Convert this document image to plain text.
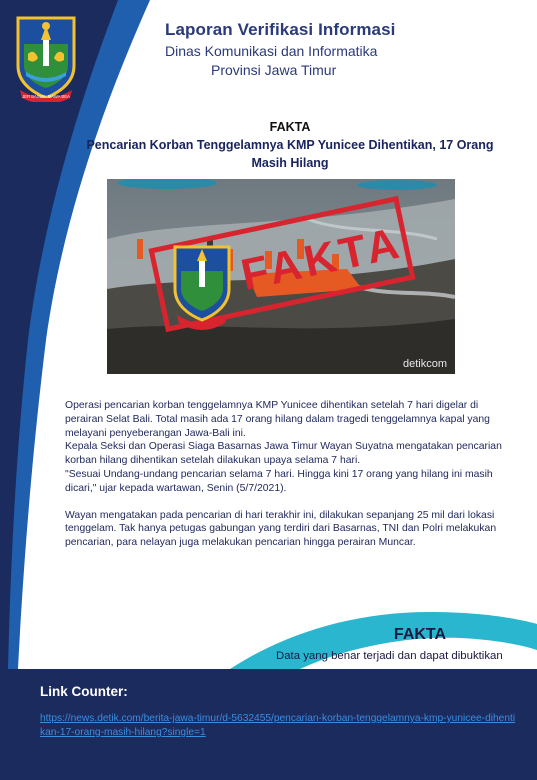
JER BASUKI MAWA BEA
Laporan Verifikasi Informasi
Dinas Komunikasi dan Informatika
Provinsi Jawa Timur
FAKTA
Pencarian Korban Tenggelamnya KMP Yunicee Dihentikan, 17 Orang Masih Hilang
FAKTA
detikcom

Operasi pencarian korban tenggelamnya KMP Yunicee dihentikan setelah 7 hari digelar di perairan Selat Bali. Total masih ada 17 orang hilang dalam tragedi tenggelamnya kapal yang melayani penyeberangan Jawa-Bali ini.

Kepala Seksi dan Operasi Siaga Basarnas Jawa Timur Wayan Suyatna mengatakan pencarian korban hilang dihentikan setelah dilakukan upaya selama 7 hari.

"Sesuai Undang-undang pencarian selama 7 hari. Hingga kini 17 orang yang hilang ini masih dicari," ujar kepada wartawan, Senin (5/7/2021).

Wayan mengatakan pada pencarian di hari terakhir ini, dilakukan sepanjang 25 mil dari lokasi tenggelam. Tak hanya petugas gabungan yang terdiri dari Basarnas, TNI dan Polri melakukan pencarian, para nelayan juga melakukan pencarian hingga perairan Muncar.

FAKTA
Data yang benar terjadi dan dapat dibuktikan
Link Counter:
https://news.detik.com/berita-jawa-timur/d-5632455/pencarian-korban-tenggelamnya-kmp-yunicee-dihentikan-17-orang-masih-hilang?single=1
